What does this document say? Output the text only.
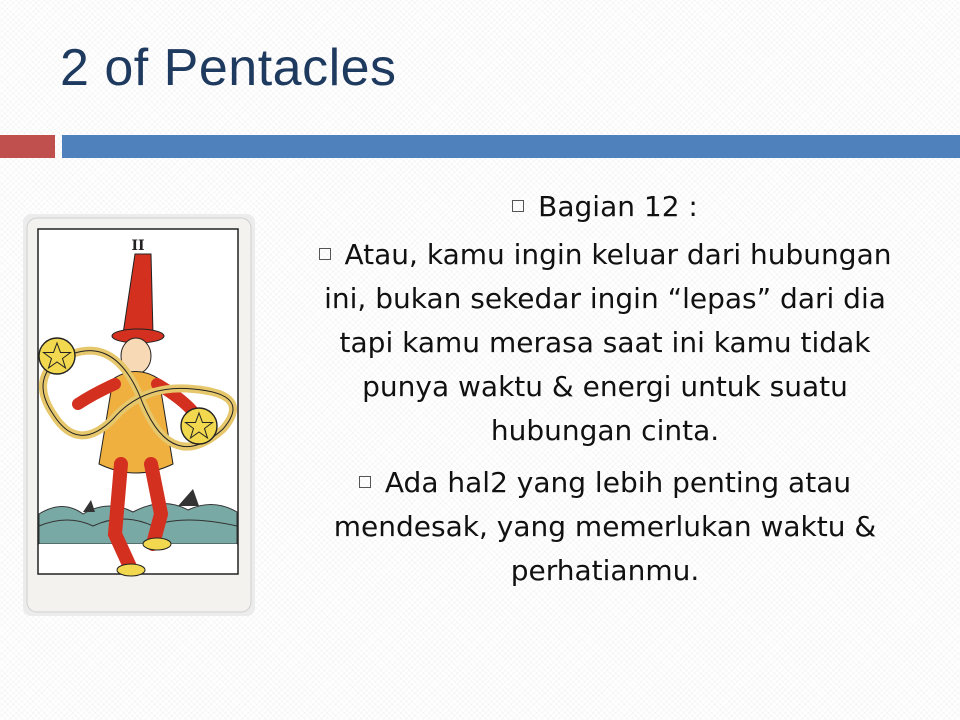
2 of Pentacles
II
Bagian 12 :
Atau, kamu ingin keluar dari hubungan
ini, bukan sekedar ingin “lepas” dari dia
tapi kamu merasa saat ini kamu tidak
punya waktu & energi untuk suatu
hubungan cinta.
Ada hal2 yang lebih penting atau
mendesak, yang memerlukan waktu &
perhatianmu.
